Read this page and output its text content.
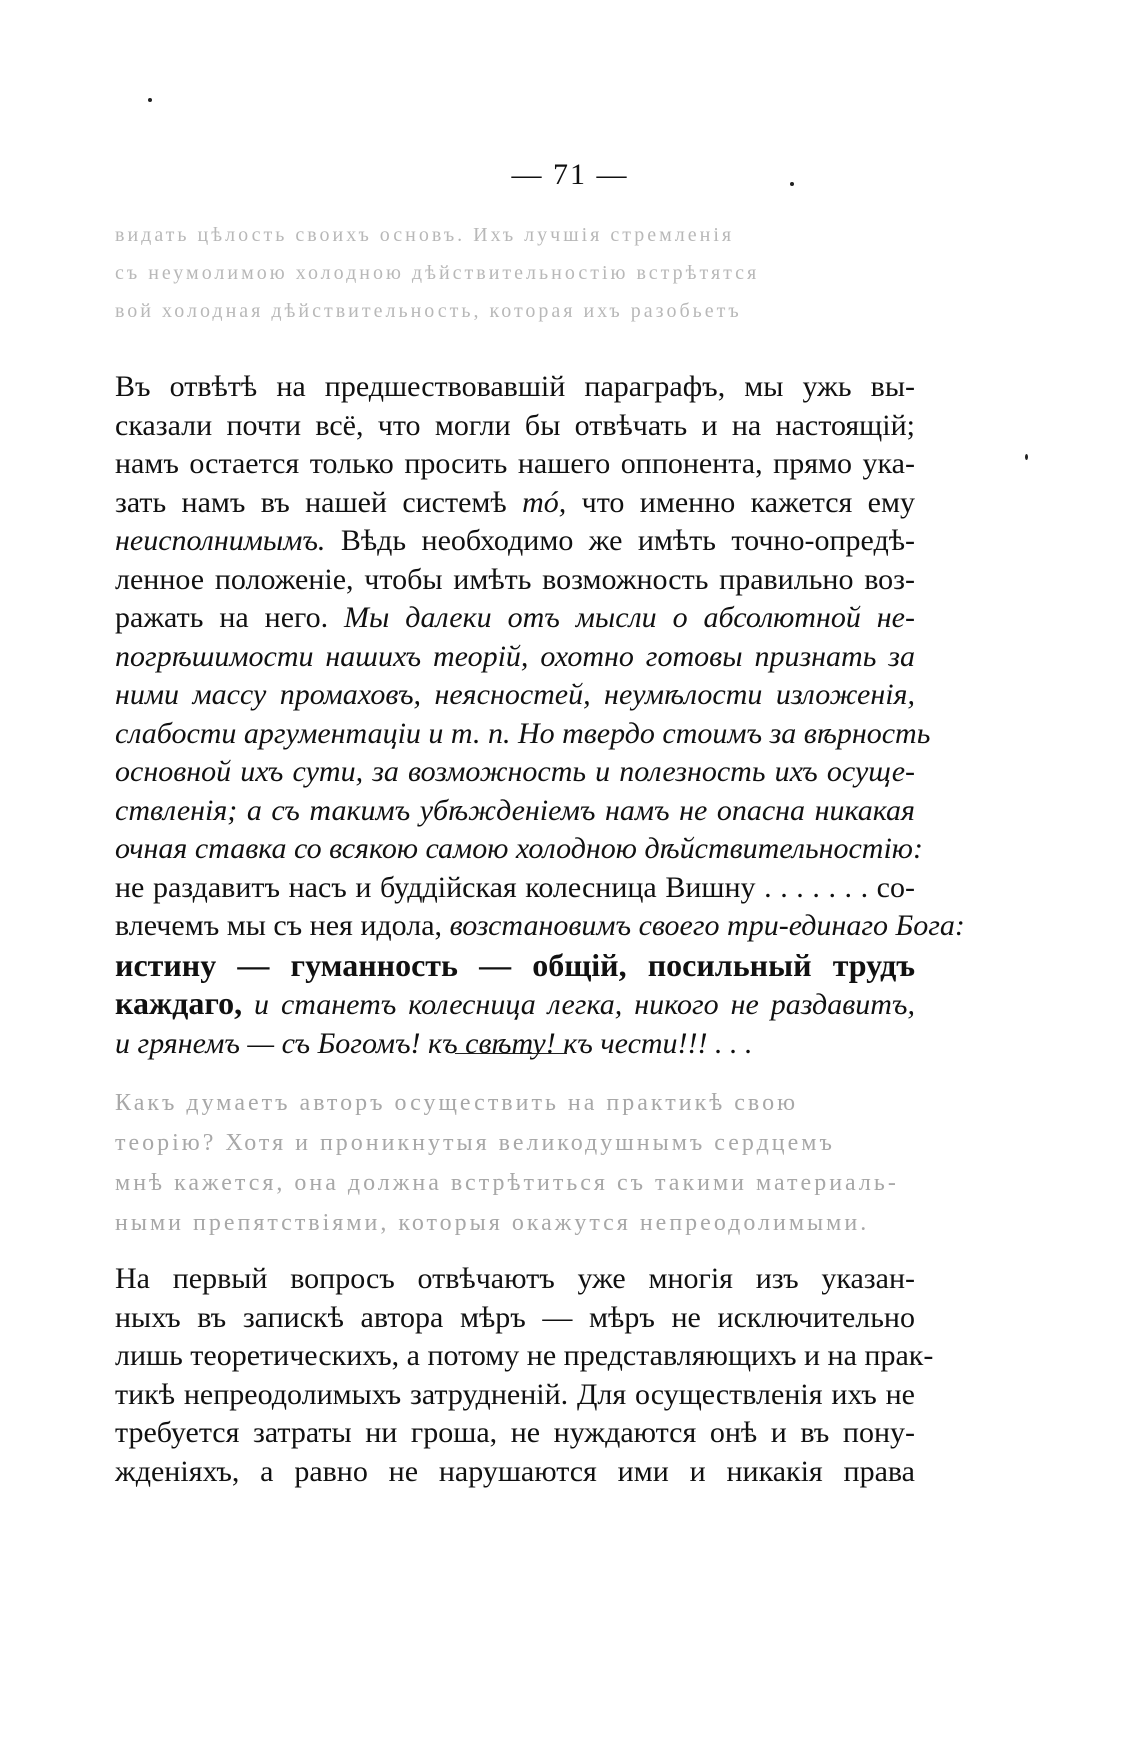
— 71 —

видать цѣлость своихъ основъ. Ихъ лучшія стремленія

съ неумолимою холодною дѣйствительностію встрѣтятся

вой холодная дѣйствительность, которая ихъ разобьетъ

Въ отвѣтѣ на предшествовавшій параграфъ, мы ужь вы-
сказали почти всё, что могли бы отвѣчать и на настоящій;
намъ остается только просить нашего оппонента, прямо ука-
зать намъ въ нашей системѣ тó, что именно кажется ему
неисполнимымъ. Вѣдь необходимо же имѣть точно-опредѣ-
ленное положеніе, чтобы имѣть возможность правильно воз-
ражать на него. Мы далеки отъ мысли о абсолютной не-
погрѣшимости нашихъ теорій, охотно готовы признать за
ними массу промаховъ, неясностей, неумѣлости изложенія,
слабости аргументаціи и т. п. Но твердо стоимъ за вѣрность
основной ихъ сути, за возможность и полезность ихъ осуще-
ствленія; а съ такимъ убѣжденіемъ намъ не опасна никакая
очная ставка со всякою самою холодною дѣйствительностію:
не раздавитъ насъ и буддійская колесница Вишну . . . . . . . со-
влечемъ мы съ нея идола, возстановимъ своего три-единаго Бога:
истину — гуманность — общій, посильный трудъ
каждаго, и станетъ колесница легка, никого не раздавитъ,
и грянемъ — съ Богомъ! къ свѣту! къ чести!!! . . .

Какъ думаетъ авторъ осуществить на практикѣ свою

теорію? Хотя и проникнутыя великодушнымъ сердцемъ

мнѣ кажется, она должна встрѣтиться съ такими материаль-

ными препятствіями, которыя окажутся непреодолимыми.

На первый вопросъ отвѣчаютъ уже многія изъ указан-
ныхъ въ запискѣ автора мѣръ — мѣръ не исключительно
лишь теоретическихъ, а потому не представляющихъ и на прак-
тикѣ непреодолимыхъ затрудненій. Для осуществленія ихъ не
требуется затраты ни гроша, не нуждаются онѣ и въ пону-
жденіяхъ, а равно не нарушаются ими и никакія права
